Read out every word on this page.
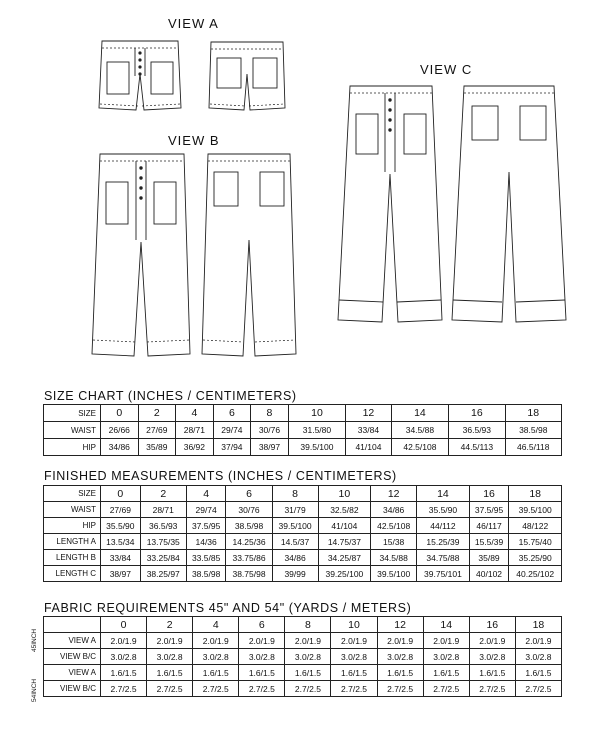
VIEW A
VIEW B
VIEW C
SIZE CHART (INCHES / CENTIMETERS)
SIZE	0	2	4	6	8	10	12	14	16	18
WAIST	26/66	27/69	28/71	29/74	30/76	31.5/80	33/84	34.5/88	36.5/93	38.5/98
HIP	34/86	35/89	36/92	37/94	38/97	39.5/100	41/104	42.5/108	44.5/113	46.5/118
FINISHED MEASUREMENTS (INCHES / CENTIMETERS)
SIZE	0	2	4	6	8	10	12	14	16	18
WAIST	27/69	28/71	29/74	30/76	31/79	32.5/82	34/86	35.5/90	37.5/95	39.5/100
HIP	35.5/90	36.5/93	37.5/95	38.5/98	39.5/100	41/104	42.5/108	44/112	46/117	48/122
LENGTH A	13.5/34	13.75/35	14/36	14.25/36	14.5/37	14.75/37	15/38	15.25/39	15.5/39	15.75/40
LENGTH B	33/84	33.25/84	33.5/85	33.75/86	34/86	34.25/87	34.5/88	34.75/88	35/89	35.25/90
LENGTH C	38/97	38.25/97	38.5/98	38.75/98	39/99	39.25/100	39.5/100	39.75/101	40/102	40.25/102
FABRIC REQUIREMENTS 45" AND 54" (YARDS / METERS)
45INCH
54INCH
	0	2	4	6	8	10	12	14	16	18
VIEW A	2.0/1.9	2.0/1.9	2.0/1.9	2.0/1.9	2.0/1.9	2.0/1.9	2.0/1.9	2.0/1.9	2.0/1.9	2.0/1.9
VIEW B/C	3.0/2.8	3.0/2.8	3.0/2.8	3.0/2.8	3.0/2.8	3.0/2.8	3.0/2.8	3.0/2.8	3.0/2.8	3.0/2.8
VIEW A	1.6/1.5	1.6/1.5	1.6/1.5	1.6/1.5	1.6/1.5	1.6/1.5	1.6/1.5	1.6/1.5	1.6/1.5	1.6/1.5
VIEW B/C	2.7/2.5	2.7/2.5	2.7/2.5	2.7/2.5	2.7/2.5	2.7/2.5	2.7/2.5	2.7/2.5	2.7/2.5	2.7/2.5
